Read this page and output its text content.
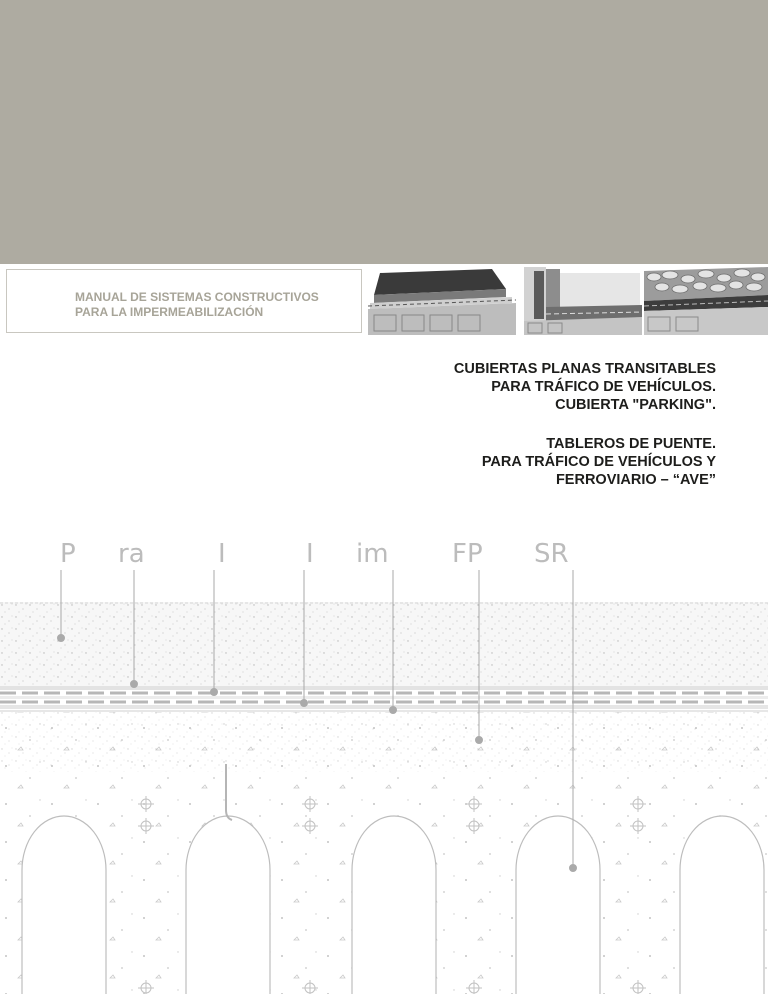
MANUAL DE SISTEMAS CONSTRUCTIVOS
PARA LA IMPERMEABILIZACIÓN

CUBIERTAS PLANAS TRANSITABLES
PARA TRÁFICO DE VEHÍCULOS.
CUBIERTA "PARKING".
TABLEROS DE PUENTE.
PARA TRÁFICO DE VEHÍCULOS Y
FERROVIARIO – “AVE”
P ra	I	I im FP SR
